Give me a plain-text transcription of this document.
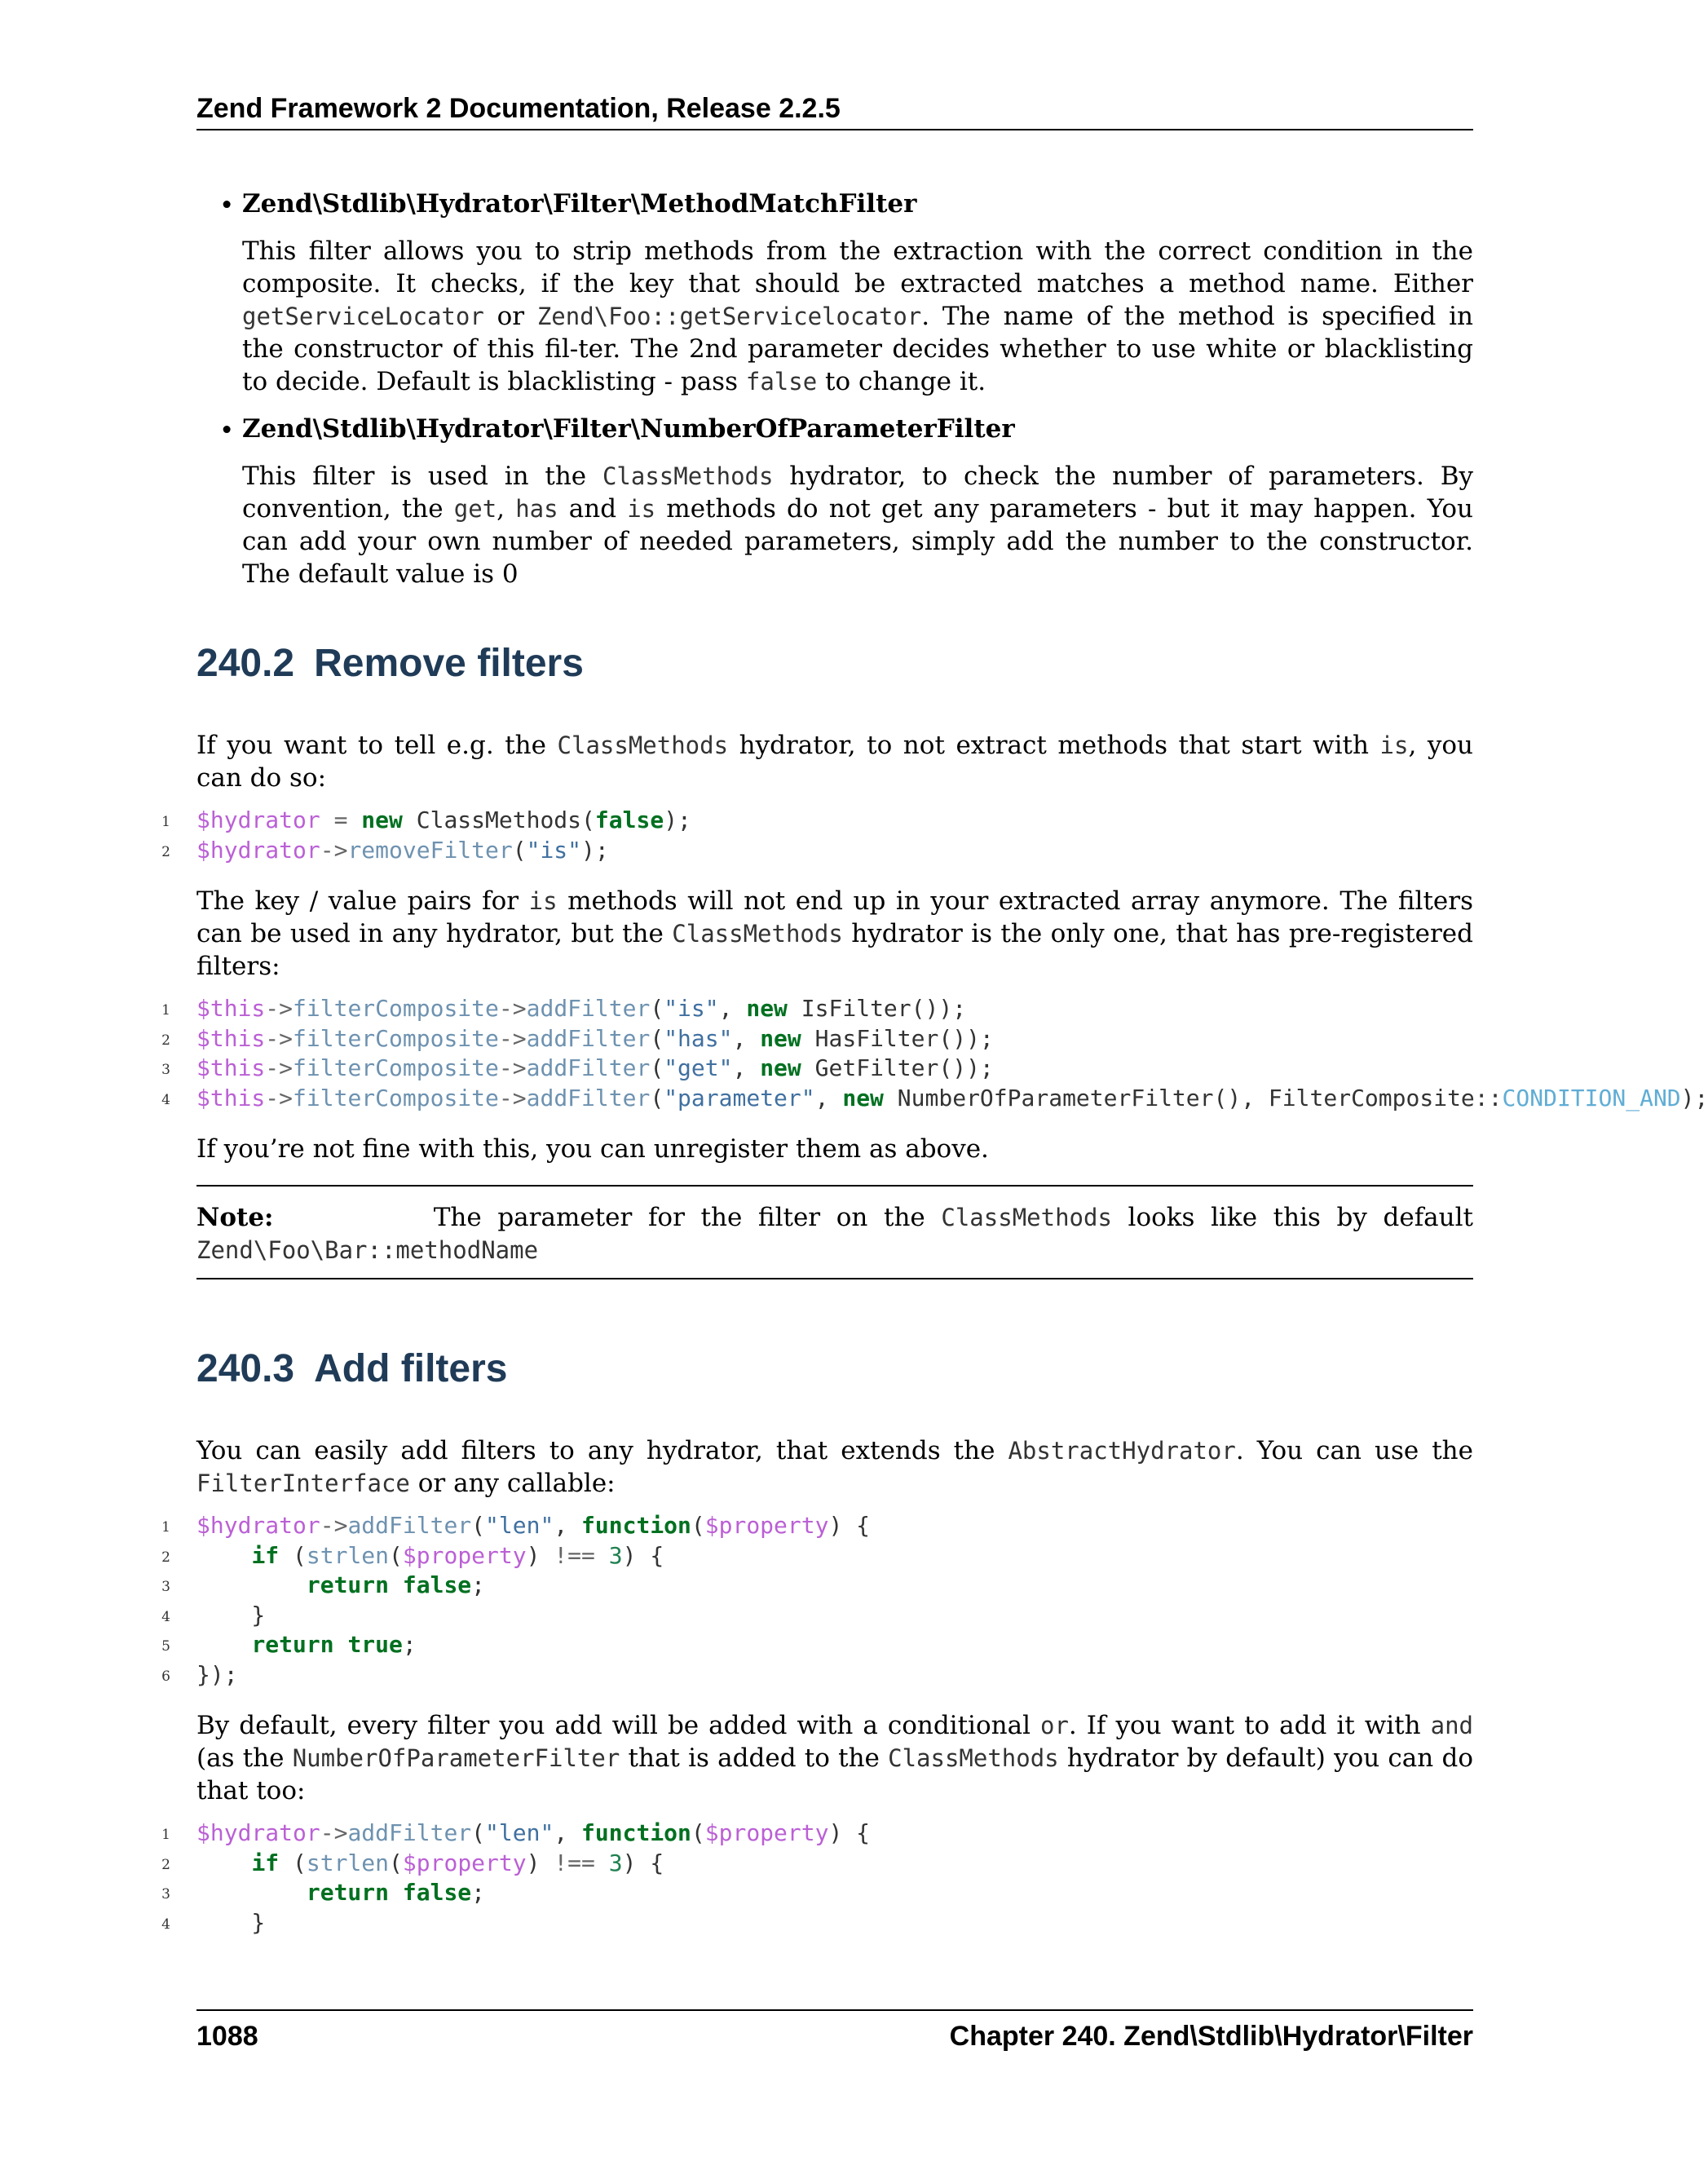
Zend Framework 2 Documentation, Release 2.2.5
• Zend\Stdlib\Hydrator\Filter\MethodMatchFilter

This filter allows you to strip methods from the extraction with the correct condition in the composite. It checks, if the key that should be extracted matches a method name. Either getServiceLocator or Zend\Foo::getServicelocator. The name of the method is specified in the constructor of this fil-ter. The 2nd parameter decides whether to use white or blacklisting to decide. Default is blacklisting - pass false to change it.

• Zend\Stdlib\Hydrator\Filter\NumberOfParameterFilter

This filter is used in the ClassMethods hydrator, to check the number of parameters. By convention, the get, has and is methods do not get any parameters - but it may happen. You can add your own number of needed parameters, simply add the number to the constructor. The default value is 0

240.2 Remove filters

If you want to tell e.g. the ClassMethods hydrator, to not extract methods that start with is, you can do so:

1 $hydrator = new ClassMethods(false);
2 $hydrator->removeFilter("is");

The key / value pairs for is methods will not end up in your extracted array anymore. The filters can be used in any hydrator, but the ClassMethods hydrator is the only one, that has pre-registered filters:

1 $this->filterComposite->addFilter("is", new IsFilter());
2 $this->filterComposite->addFilter("has", new HasFilter());
3 $this->filterComposite->addFilter("get", new GetFilter());
4 $this->filterComposite->addFilter("parameter", new NumberOfParameterFilter(), FilterComposite::CONDITION_AND);

If you’re not fine with this, you can unregister them as above.

Note:	The parameter for the filter on the ClassMethods looks like this by default Zend\Foo\Bar::methodName

240.3 Add filters

You can easily add filters to any hydrator, that extends the AbstractHydrator. You can use the FilterInterface or any callable:

1 $hydrator->addFilter("len", function($property) {
2	if (strlen($property) !== 3) {
3	return false;
4 }
5	return true;
6 });

By default, every filter you add will be added with a conditional or. If you want to add it with and (as the NumberOfParameterFilter that is added to the ClassMethods hydrator by default) you can do that too:

1 $hydrator->addFilter("len", function($property) {
2	if (strlen($property) !== 3) {
3	return false;
4 }
1088	Chapter 240. Zend\Stdlib\Hydrator\Filter
